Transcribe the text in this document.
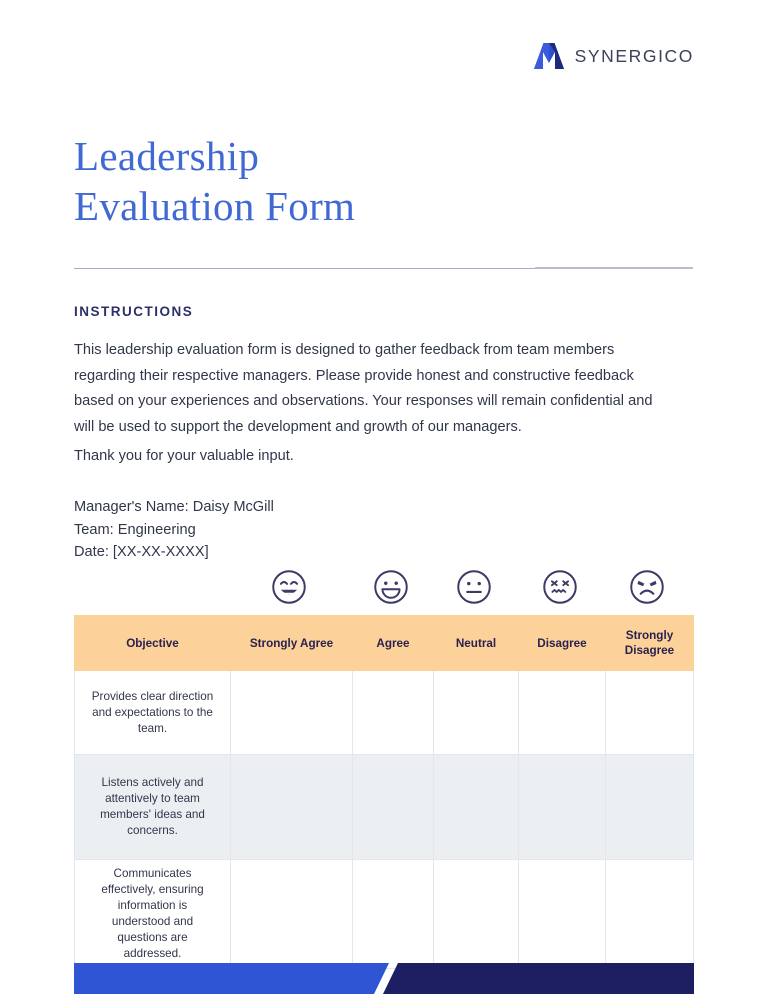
SYNERGICO
Leadership
Evaluation Form
INSTRUCTIONS
This leadership evaluation form is designed to gather feedback from team members regarding their respective managers. Please provide honest and constructive feedback based on your experiences and observations. Your responses will remain confidential and will be used to support the development and growth of our managers.
Thank you for your valuable input.
Manager's Name: Daisy McGill
Team: Engineering
Date: [XX-XX-XXXX]
Objective	Strongly Agree	Agree	Neutral	Disagree	Strongly Disagree
Provides clear direction and expectations to the team.					
Listens actively and attentively to team members' ideas and concerns.					
Communicates effectively, ensuring information is understood and questions are addressed.					
